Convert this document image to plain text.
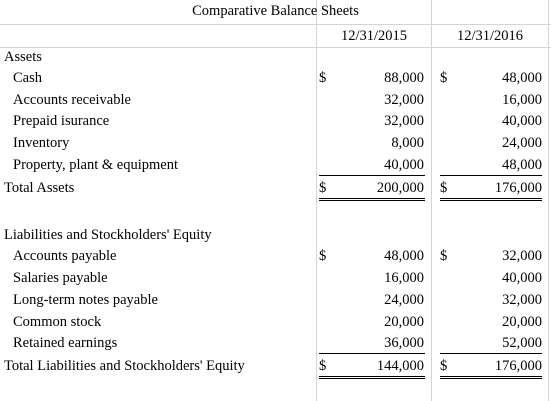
Comparative Balance Sheets
12/31/2015	12/31/2016
Assets
Cash	$	88,000 $	48,000
Accounts receivable	32,000	16,000
Prepaid isurance	32,000	40,000
Inventory	8,000	24,000
Property, plant & equipment	40,000	48,000
Total Assets	$	200,000 $	176,000
Liabilities and Stockholders' Equity
Accounts payable	$	48,000 $	32,000
Salaries payable	16,000	40,000
Long-term notes payable	24,000	32,000
Common stock	20,000	20,000
Retained earnings	36,000	52,000
Total Liabilities and Stockholders' Equity	$	144,000 $	176,000
